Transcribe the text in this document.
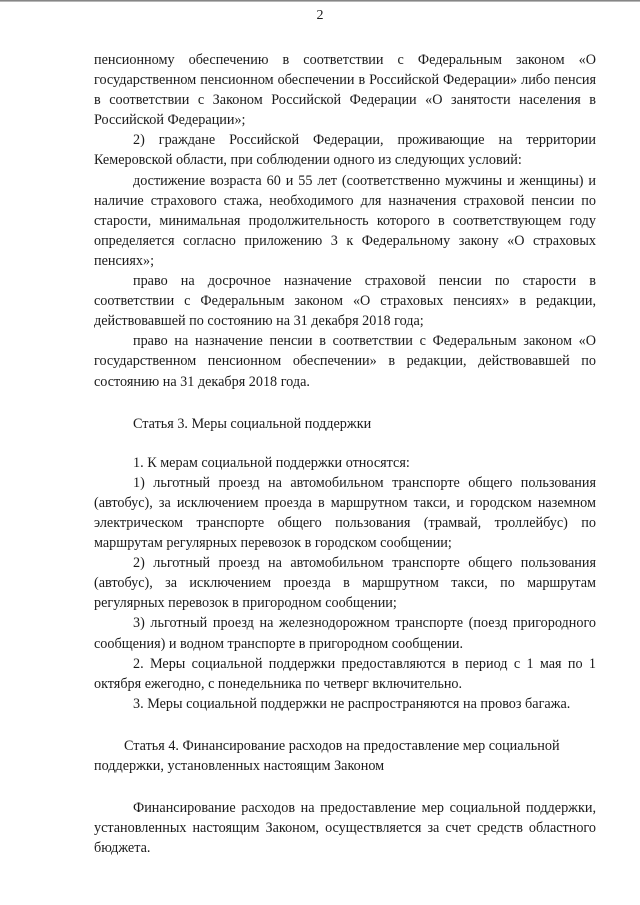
2

пенсионному обеспечению в соответствии с Федеральным законом «О государственном пенсионном обеспечении в Российской Федерации» либо пенсия в соответствии с Законом Российской Федерации «О занятости населения в Российской Федерации»;

2) граждане Российской Федерации, проживающие на территории Кемеровской области, при соблюдении одного из следующих условий:

достижение возраста 60 и 55 лет (соответственно мужчины и женщины) и наличие страхового стажа, необходимого для назначения страховой пенсии по старости, минимальная продолжительность которого в соответствующем году определяется согласно приложению 3 к Федеральному закону «О страховых пенсиях»;

право на досрочное назначение страховой пенсии по старости в соответствии с Федеральным законом «О страховых пенсиях» в редакции, действовавшей по состоянию на 31 декабря 2018 года;

право на назначение пенсии в соответствии с Федеральным законом «О государственном пенсионном обеспечении» в редакции, действовавшей по состоянию на 31 декабря 2018 года.

Статья 3. Меры социальной поддержки

1. К мерам социальной поддержки относятся:

1) льготный проезд на автомобильном транспорте общего пользования (автобус), за исключением проезда в маршрутном такси, и городском наземном электрическом транспорте общего пользования (трамвай, троллейбус) по маршрутам регулярных перевозок в городском сообщении;

2) льготный проезд на автомобильном транспорте общего пользования (автобус), за исключением проезда в маршрутном такси, по маршрутам регулярных перевозок в пригородном сообщении;

3) льготный проезд на железнодорожном транспорте (поезд пригородного сообщения) и водном транспорте в пригородном сообщении.

2. Меры социальной поддержки предоставляются в период с 1 мая по 1 октября ежегодно, с понедельника по четверг включительно.

3. Меры социальной поддержки не распространяются на провоз багажа.

Статья 4. Финансирование расходов на предоставление мер социальной поддержки, установленных настоящим Законом

Финансирование расходов на предоставление мер социальной поддержки, установленных настоящим Законом, осуществляется за счет средств областного бюджета.
